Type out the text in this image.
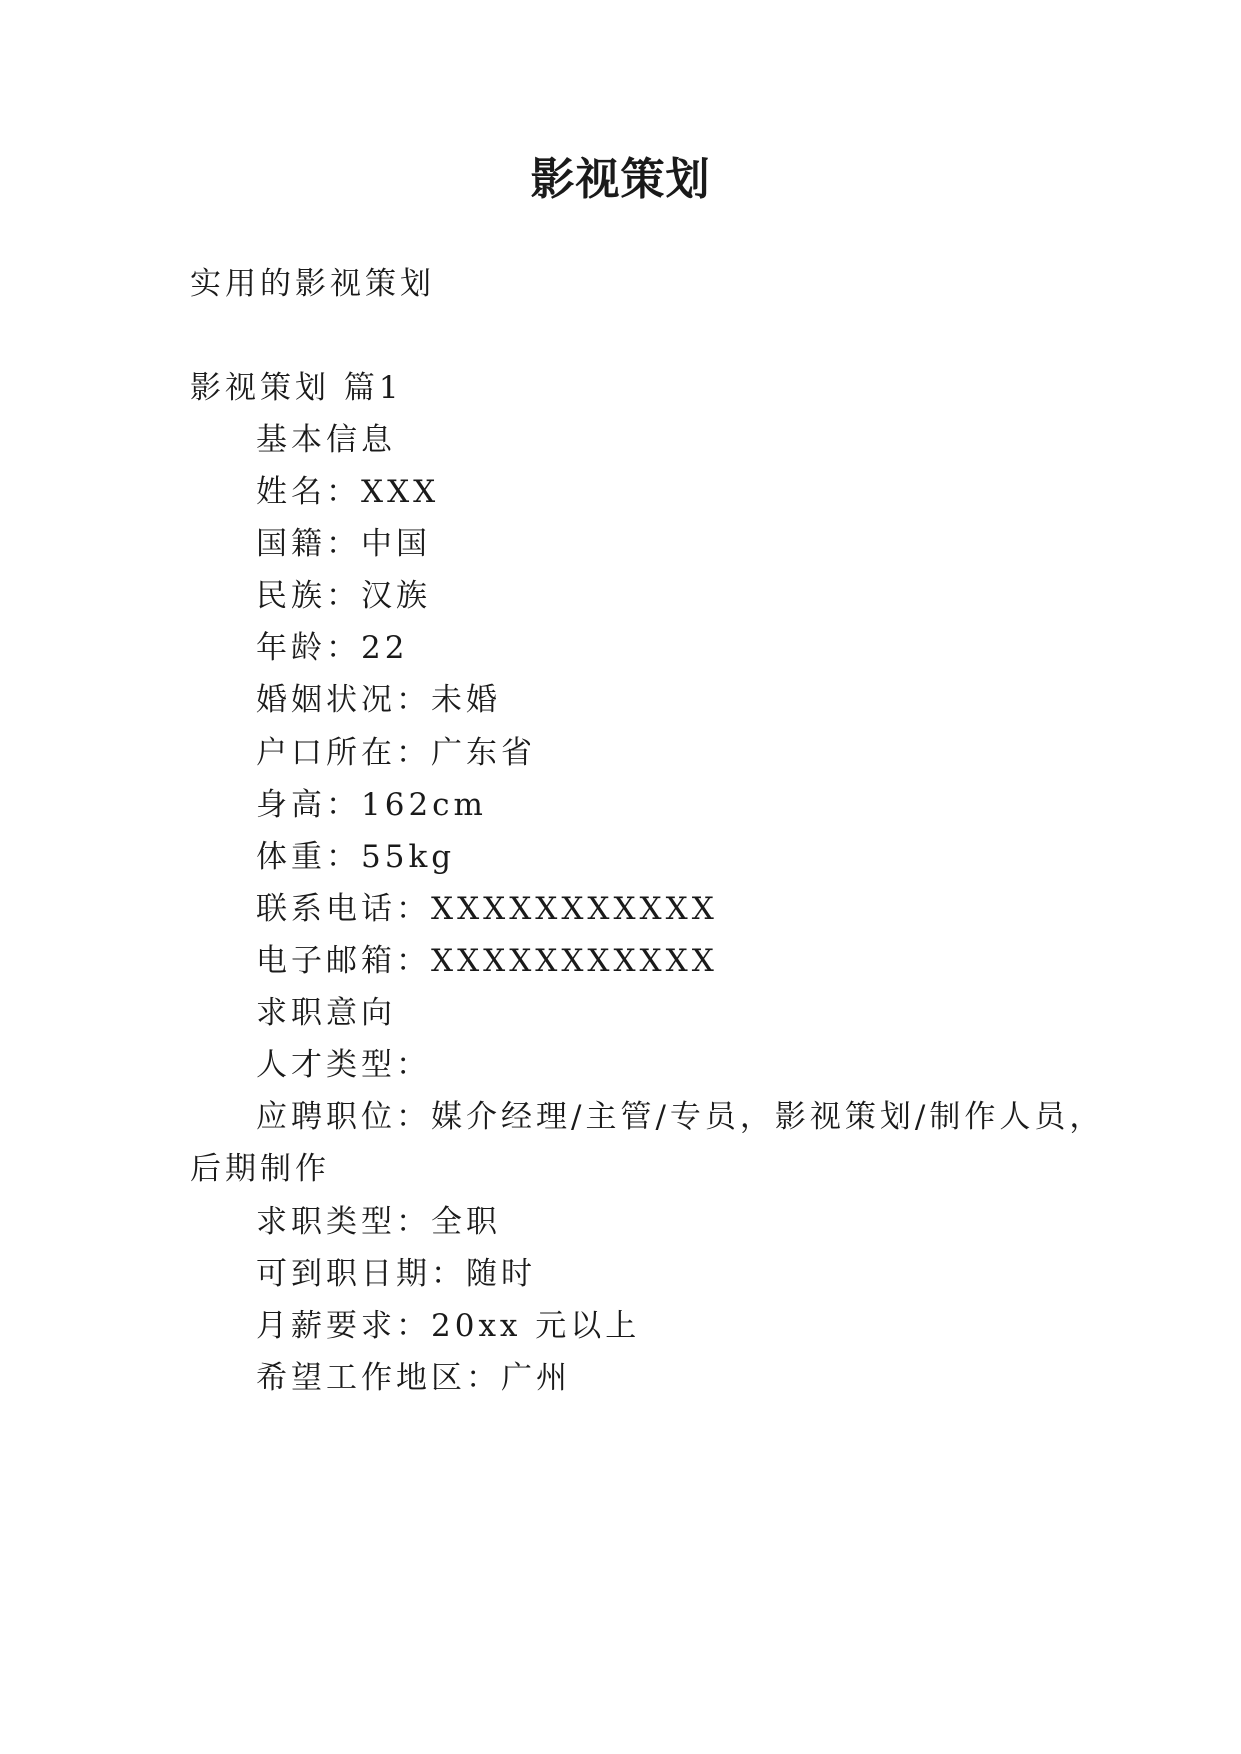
影视策划
实用的影视策划
影视策划 篇1
基本信息
姓名：XXX
国籍：中国
民族：汉族
年龄：22
婚姻状况：未婚
户口所在：广东省
身高：162cm
体重：55kg
联系电话：XXXXXXXXXXX
电子邮箱：XXXXXXXXXXX
求职意向
人才类型：
应聘职位：媒介经理/主管/专员，影视策划/制作人员，
后期制作
求职类型：全职
可到职日期：随时
月薪要求：20xx 元以上
希望工作地区：广州
